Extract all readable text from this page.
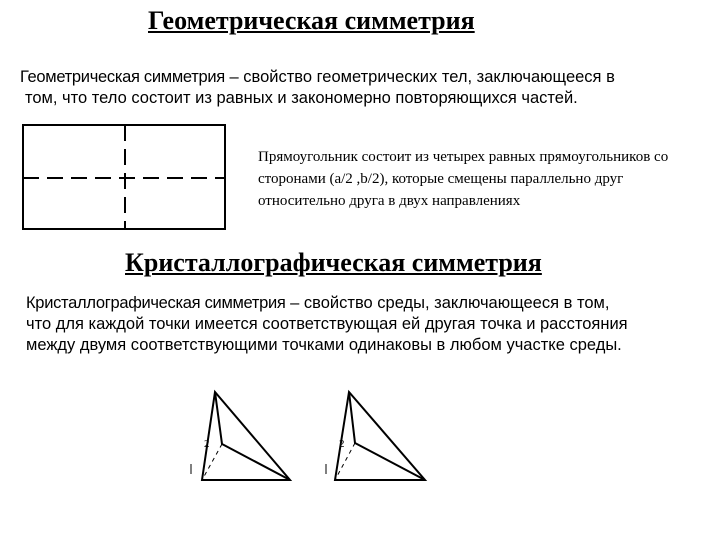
Геометрическая симметрия
Геометрическая симметрия – свойство геометрических тел, заключающееся в
том, что тело состоит из равных и закономерно повторяющихся частей.
Прямоугольник состоит из четырех равных прямоугольников со сторонами (a/2 ,b/2), которые смещены параллельно друг относительно друга в двух направлениях
Кристаллографическая симметрия
Кристаллографическая симметрия – свойство среды, заключающееся в том,
что для каждой точки имеется соответствующая ей другая точка и расстояния
между двумя соответствующими точками одинаковы в любом участке среды.
2	2
